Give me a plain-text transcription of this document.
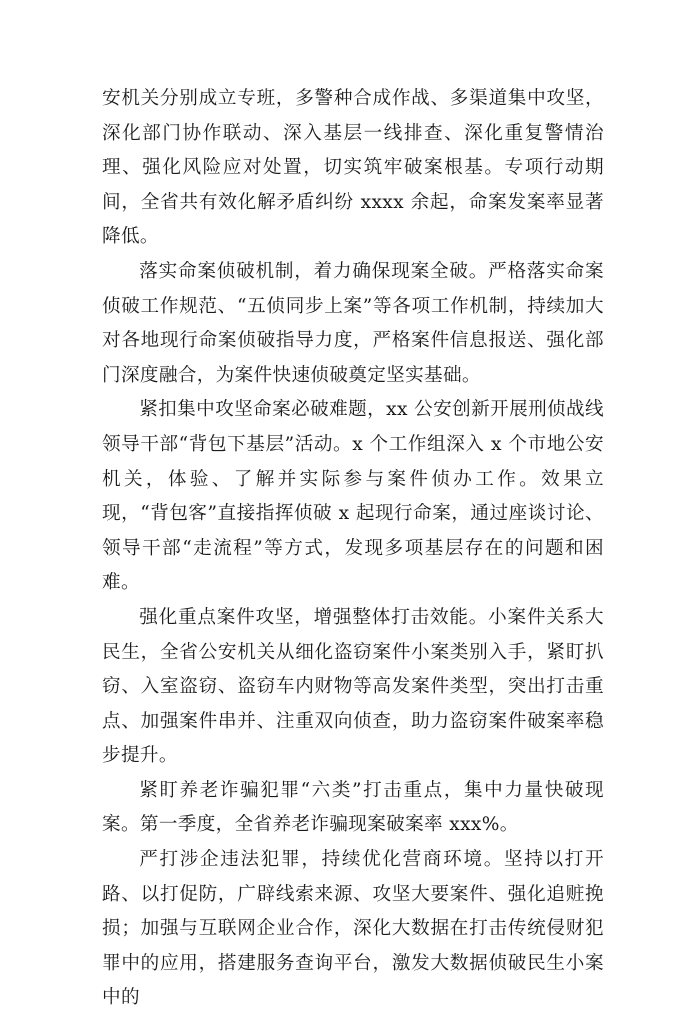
安机关分别成立专班，多警种合成作战、多渠道集中攻坚，深化部门协作联动、深入基层一线排查、深化重复警情治理、强化风险应对处置，切实筑牢破案根基。专项行动期间，全省共有效化解矛盾纠纷 xxxx 余起，命案发案率显著降低。

落实命案侦破机制，着力确保现案全破。严格落实命案侦破工作规范、“五侦同步上案”等各项工作机制，持续加大对各地现行命案侦破指导力度，严格案件信息报送、强化部门深度融合，为案件快速侦破奠定坚实基础。

紧扣集中攻坚命案必破难题，xx 公安创新开展刑侦战线领导干部“背包下基层”活动。x 个工作组深入 x 个市地公安机关，体验、了解并实际参与案件侦办工作。效果立现，“背包客”直接指挥侦破 x 起现行命案，通过座谈讨论、领导干部“走流程”等方式，发现多项基层存在的问题和困难。

强化重点案件攻坚，增强整体打击效能。小案件关系大民生，全省公安机关从细化盗窃案件小案类别入手，紧盯扒窃、入室盗窃、盗窃车内财物等高发案件类型，突出打击重点、加强案件串并、注重双向侦查，助力盗窃案件破案率稳步提升。

紧盯养老诈骗犯罪“六类”打击重点，集中力量快破现案。第一季度，全省养老诈骗现案破案率 xxx%。

严打涉企违法犯罪，持续优化营商环境。坚持以打开路、以打促防，广辟线索来源、攻坚大要案件、强化追赃挽损；加强与互联网企业合作，深化大数据在打击传统侵财犯罪中的应用，搭建服务查询平台，激发大数据侦破民生小案中的
